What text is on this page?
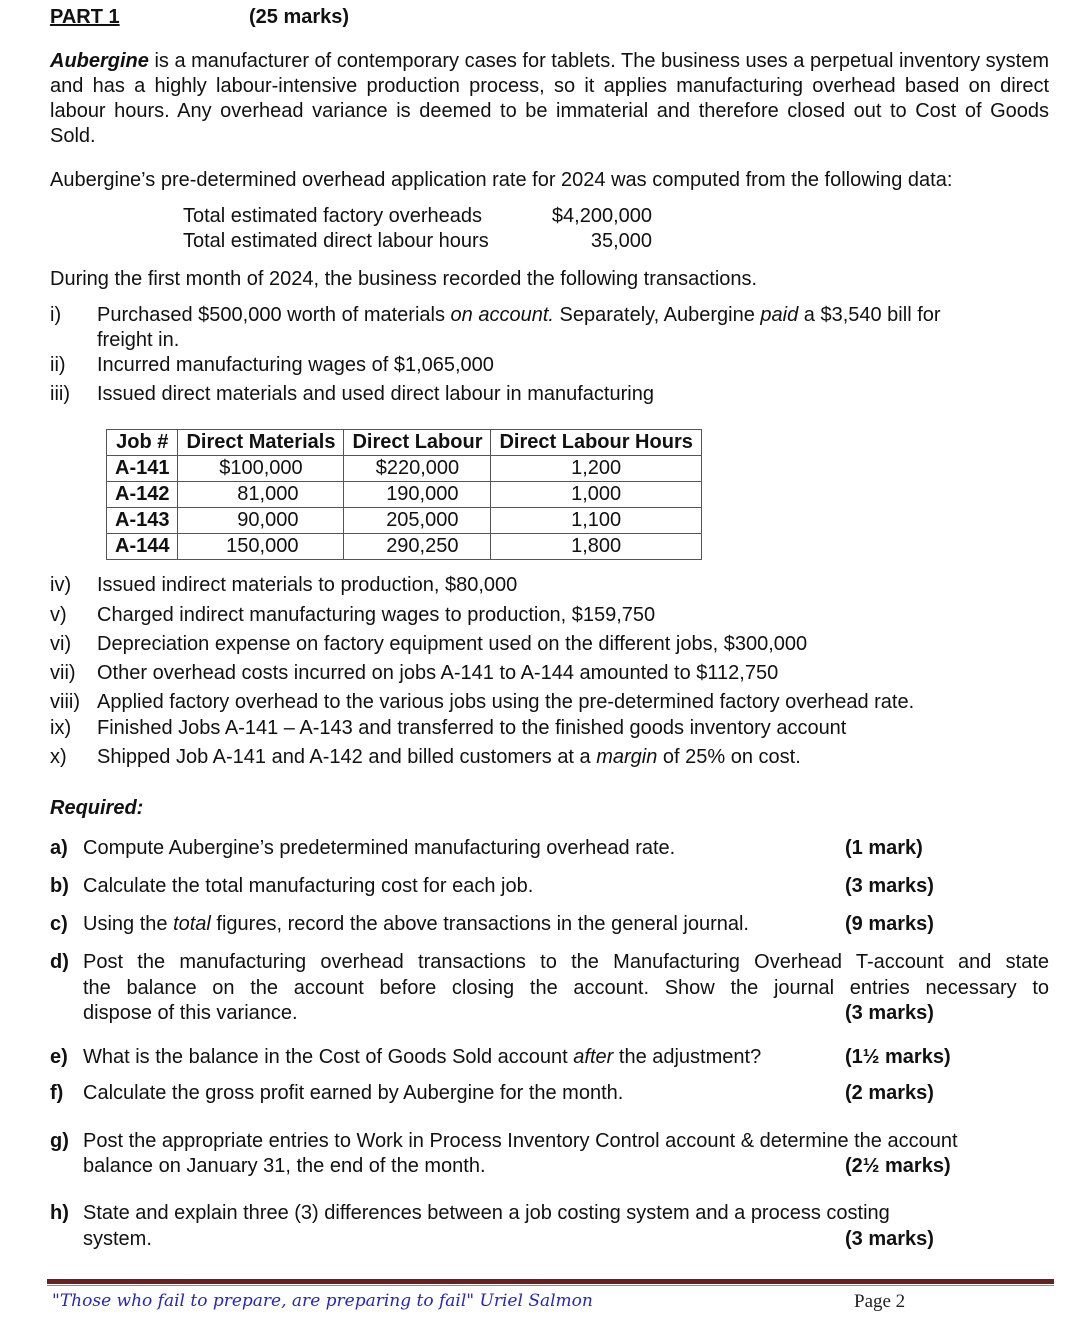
PART 1	(25 marks)
Aubergine is a manufacturer of contemporary cases for tablets. The business uses a perpetual inventory system and has a highly labour-intensive production process, so it applies manufacturing overhead based on direct labour hours. Any overhead variance is deemed to be immaterial and therefore closed out to Cost of Goods Sold.
Aubergine’s pre-determined overhead application rate for 2024 was computed from the following data:
Total estimated factory overheads	$4,200,000
Total estimated direct labour hours	35,000
During the first month of 2024, the business recorded the following transactions.
i) Purchased $500,000 worth of materials on account. Separately, Aubergine paid a $3,540 bill for
freight in.
ii) Incurred manufacturing wages of $1,065,000
iii) Issued direct materials and used direct labour in manufacturing
Job #	Direct Materials	Direct Labour	Direct Labour Hours
A-141	$100,000	$220,000	1,200
A-142	81,000	190,000	1,000
A-143	90,000	205,000	1,100
A-144	150,000	290,250	1,800
iv) Issued indirect materials to production, $80,000
v) Charged indirect manufacturing wages to production, $159,750
vi) Depreciation expense on factory equipment used on the different jobs, $300,000
vii) Other overhead costs incurred on jobs A-141 to A-144 amounted to $112,750
viii) Applied factory overhead to the various jobs using the pre-determined factory overhead rate.
ix) Finished Jobs A-141 – A-143 and transferred to the finished goods inventory account
x) Shipped Job A-141 and A-142 and billed customers at a margin of 25% on cost.
Required:
a) Compute Aubergine’s predetermined manufacturing overhead rate.	(1 mark)
b) Calculate the total manufacturing cost for each job.	(3 marks)
c) Using the total figures, record the above transactions in the general journal.	(9 marks)
d) Post the manufacturing overhead transactions to the Manufacturing Overhead T-account and state
the balance on the account before closing the account. Show the journal entries necessary to
dispose of this variance.	(3 marks)
e) What is the balance in the Cost of Goods Sold account after the adjustment?	(1½ marks)
f) Calculate the gross profit earned by Aubergine for the month.	(2 marks)
g) Post the appropriate entries to Work in Process Inventory Control account & determine the account
balance on January 31, the end of the month.	(2½ marks)
h) State and explain three (3) differences between a job costing system and a process costing
system.	(3 marks)
"Those who fail to prepare, are preparing to fail" Uriel Salmon	Page 2
